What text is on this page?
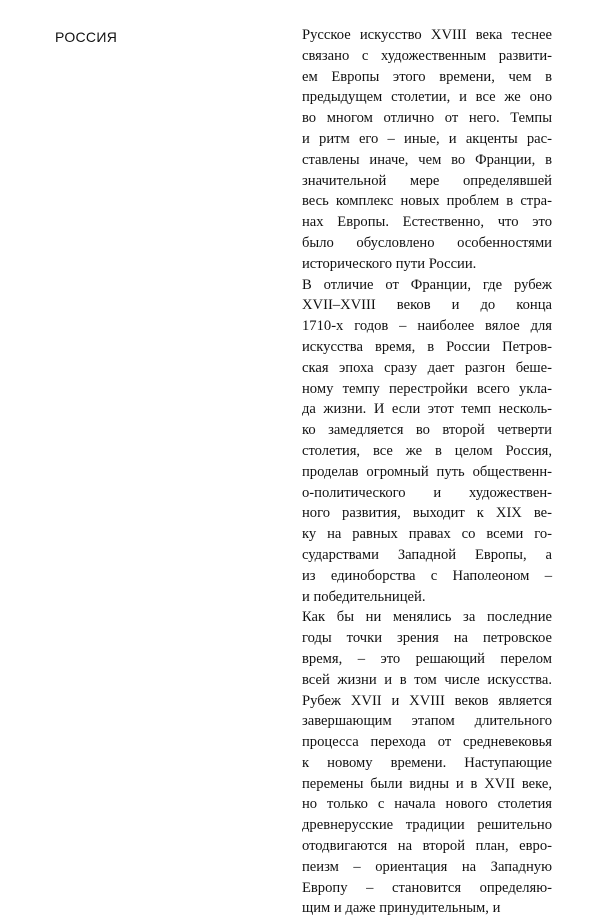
РОССИЯ	Русское искусство XVIII века теснее
связано с художественным развити-
ем Европы этого времени, чем в
предыдущем столетии, и все же оно
во многом отлично от него. Темпы
и ритм его – иные, и акценты рас-
ставлены иначе, чем во Франции, в
значительной мере определявшей
весь комплекс новых проблем в стра-
нах Европы. Естественно, что это
было обусловлено особенностями
исторического пути России.
В отличие от Франции, где рубеж
XVII–XVIII веков и до конца
1710-х годов – наиболее вялое для
искусства время, в России Петров-
ская эпоха сразу дает разгон беше-
ному темпу перестройки всего укла-
да жизни. И если этот темп несколь-
ко замедляется во второй четверти
столетия, все же в целом Россия,
проделав огромный путь общественн-
о-политического и художествен-
ного развития, выходит к XIX ве-
ку на равных правах со всеми го-
сударствами Западной Европы, а
из единоборства с Наполеоном –
и победительницей.
Как бы ни менялись за последние
годы точки зрения на петровское
время, – это решающий перелом
всей жизни и в том числе искусства.
Рубеж XVII и XVIII веков является
завершающим этапом длительного
процесса перехода от средневековья
к новому времени. Наступающие
перемены были видны и в XVII веке,
но только с начала нового столетия
древнерусские традиции решительно
отодвигаются на второй план, евро-
пеизм – ориентация на Западную
Европу – становится определяю-
щим и даже принудительным, и
